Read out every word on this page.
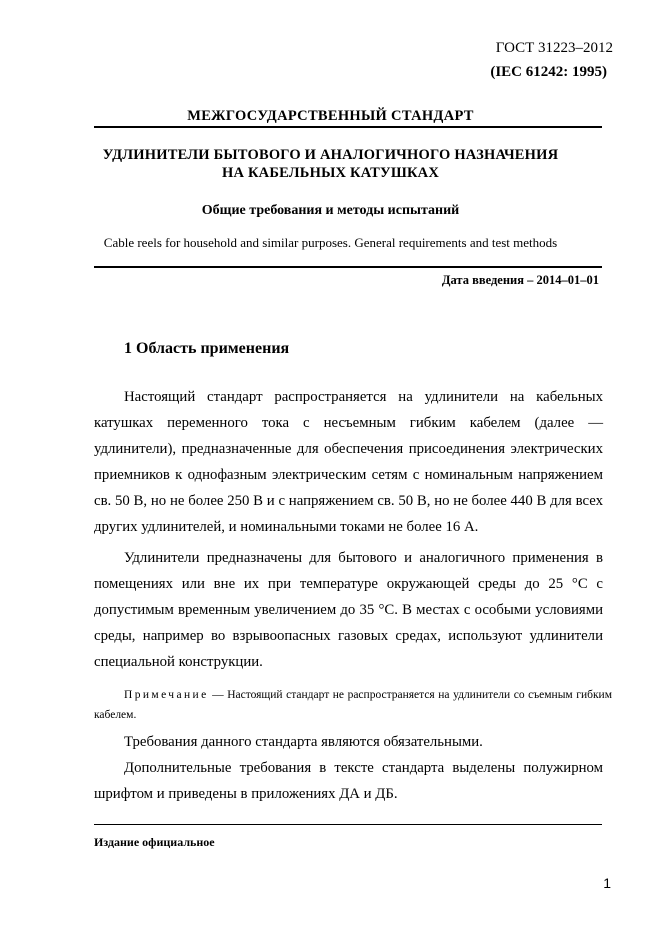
ГОСТ 31223–2012
(IEC 61242: 1995)
МЕЖГОСУДАРСТВЕННЫЙ СТАНДАРТ
УДЛИНИТЕЛИ БЫТОВОГО И АНАЛОГИЧНОГО НАЗНАЧЕНИЯ
НА КАБЕЛЬНЫХ КАТУШКАХ
Общие требования и методы испытаний
Cable reels for household and similar purposes. General requirements and test methods
Дата введения – 2014–01–01
1 Область применения

Настоящий стандарт распространяется на удлинители на кабельных катушках переменного тока с несъемным гибким кабелем (далее — удлинители), предназначенные для обеспечения присоединения электрических приемников к однофазным электрическим сетям с номинальным напряжением св. 50 В, но не более 250 В и с напряжением св. 50 В, но не более 440 В для всех других удлинителей, и номинальными токами не более 16 А.

Удлинители предназначены для бытового и аналогичного применения в помещениях или вне их при температуре окружающей среды до 25 °С с допустимым временным увеличением до 35 °С. В местах с особыми условиями среды, например во взрывоопасных газовых средах, используют удлинители специальной конструкции.

Примечание — Настоящий стандарт не распространяется на удлинители со съемным гибким кабелем.

Требования данного стандарта являются обязательными.

Дополнительные требования в тексте стандарта выделены полужирном шрифтом и приведены в приложениях ДА и ДБ.

Издание официальное
1
